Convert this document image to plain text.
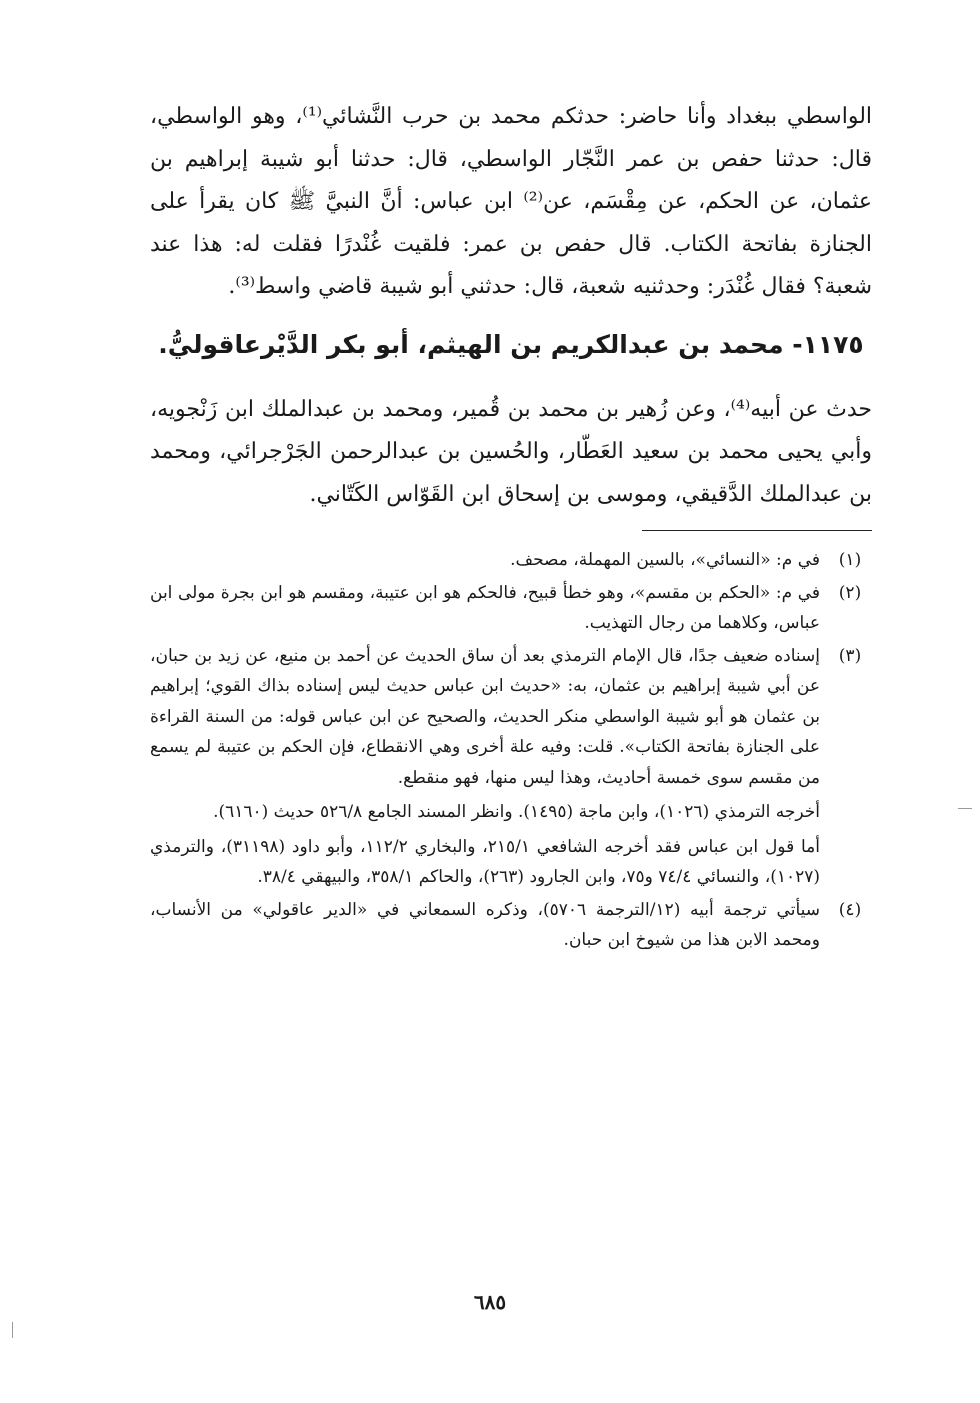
الواسطي ببغداد وأنا حاضر: حدثكم محمد بن حرب النَّشائي⁽¹⁾، وهو الواسطي، قال: حدثنا حفص بن عمر النَّجّار الواسطي، قال: حدثنا أبو شيبة إبراهيم بن عثمان، عن الحكم، عن مِقْسَم، عن⁽²⁾ ابن عباس: أنَّ النبيَّ ﷺ كان يقرأ على الجنازة بفاتحة الكتاب. قال حفص بن عمر: فلقيت غُنْدرًا فقلت له: هذا عند شعبة؟ فقال غُنْدَر: وحدثنيه شعبة، قال: حدثني أبو شيبة قاضي واسط⁽³⁾.

١١٧٥- محمد بن عبدالكريم بن الهيثم، أبو بكر الدَّيْرعاقوليُّ.

حدث عن أبيه⁽⁴⁾، وعن زُهير بن محمد بن قُمير، ومحمد بن عبدالملك ابن زَنْجويه، وأبي يحيى محمد بن سعيد العَطّار، والحُسين بن عبدالرحمن الجَرْجرائي، ومحمد بن عبدالملك الدَّقيقي، وموسى بن إسحاق ابن القَوّاس الكَتّاني.

(١)
في م: «النسائي»، بالسين المهملة، مصحف.
(٢)
في م: «الحكم بن مقسم»، وهو خطأ قبيح، فالحكم هو ابن عتيبة، ومقسم هو ابن بجرة مولى ابن عباس، وكلاهما من رجال التهذيب.
(٣)
إسناده ضعيف جدًا، قال الإمام الترمذي بعد أن ساق الحديث عن أحمد بن منيع، عن زيد بن حبان، عن أبي شيبة إبراهيم بن عثمان، به: «حديث ابن عباس حديث ليس إسناده بذاك القوي؛ إبراهيم بن عثمان هو أبو شيبة الواسطي منكر الحديث، والصحيح عن ابن عباس قوله: من السنة القراءة على الجنازة بفاتحة الكتاب». قلت: وفيه علة أخرى وهي الانقطاع، فإن الحكم بن عتيبة لم يسمع من مقسم سوى خمسة أحاديث، وهذا ليس منها، فهو منقطع.
أخرجه الترمذي (١٠٢٦)، وابن ماجة (١٤٩٥). وانظر المسند الجامع ٥٢٦/٨ حديث (٦١٦٠).
أما قول ابن عباس فقد أخرجه الشافعي ٢١٥/١، والبخاري ١١٢/٢، وأبو داود (٣١١٩٨)، والترمذي (١٠٢٧)، والنسائي ٧٤/٤ و٧٥، وابن الجارود (٢٦٣)، والحاكم ٣٥٨/١، والبيهقي ٣٨/٤.
(٤)
سيأتي ترجمة أبيه (١٢/الترجمة ٥٧٠٦)، وذكره السمعاني في «الدير عاقولي» من الأنساب، ومحمد الابن هذا من شيوخ ابن حبان.
٦٨٥
